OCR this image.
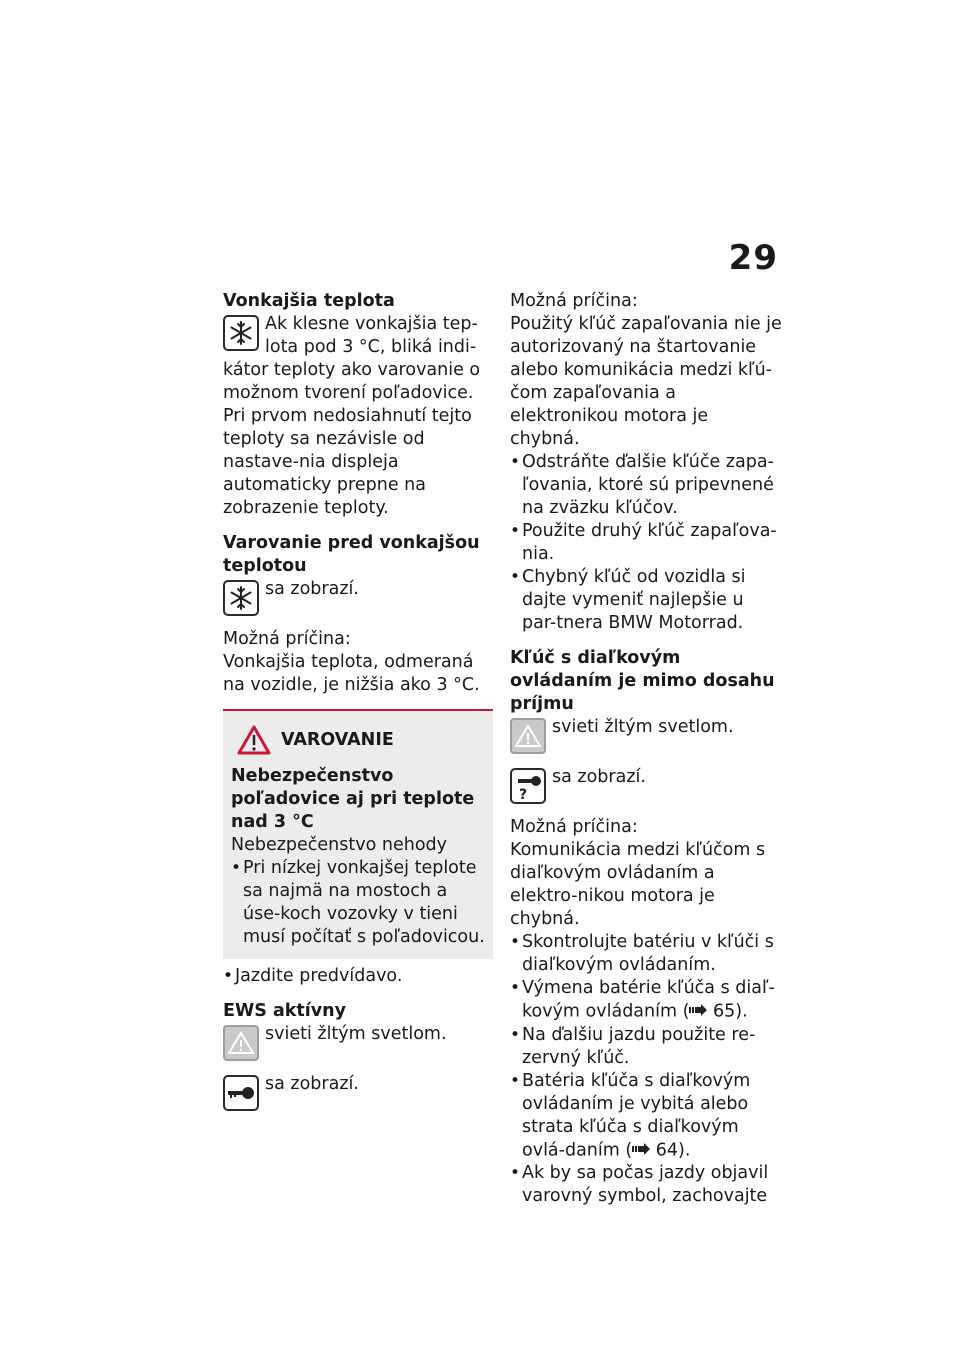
29

Vonkajšia teplota

Ak klesne vonkajšia tep-

lota pod 3 °C, bliká indi-

kátor teploty ako varovanie o možnom tvorení poľadovice. Pri prvom nedosiahnutí tejto teploty sa nezávisle od nastave-nia displeja automaticky prepne na zobrazenie teploty.

Varovanie pred vonkajšou teplotou

sa zobrazí.

Možná príčina:

Vonkajšia teplota, odmeraná na vozidle, je nižšia ako 3 °C.

VAROVANIE

Nebezpečenstvo poľadovice aj pri teplote nad 3 °C

Nebezpečenstvo nehody

• Pri nízkej vonkajšej teplote sa najmä na mostoch a úse-koch vozovky v tieni musí počítať s poľadovicou.
• Jazdite predvídavo.

EWS aktívny

svieti žltým svetlom.

sa zobrazí.

Možná príčina:

Použitý kľúč zapaľovania nie je autorizovaný na štartovanie alebo komunikácia medzi kľú-čom zapaľovania a elektronikou motora je chybná.

• Odstráňte ďalšie kľúče zapa-ľovania, ktoré sú pripevnené na zväzku kľúčov.
• Použite druhý kľúč zapaľova-nia.
• Chybný kľúč od vozidla si dajte vymeniť najlepšie u par-tnera BMW Motorrad.

Kľúč s diaľkovým ovládaním je mimo dosahu príjmu

svieti žltým svetlom.

?

sa zobrazí.

Možná príčina:

Komunikácia medzi kľúčom s diaľkovým ovládaním a elektro-nikou motora je chybná.

• Skontrolujte batériu v kľúči s diaľkovým ovládaním.
• Výmena batérie kľúča s diaľ-kovým ovládaním ( 65).
• Na ďalšiu jazdu použite re-zervný kľúč.
• Batéria kľúča s diaľkovým ovládaním je vybitá alebo strata kľúča s diaľkovým ovlá-daním ( 64).
• Ak by sa počas jazdy objavil varovný symbol, zachovajte
